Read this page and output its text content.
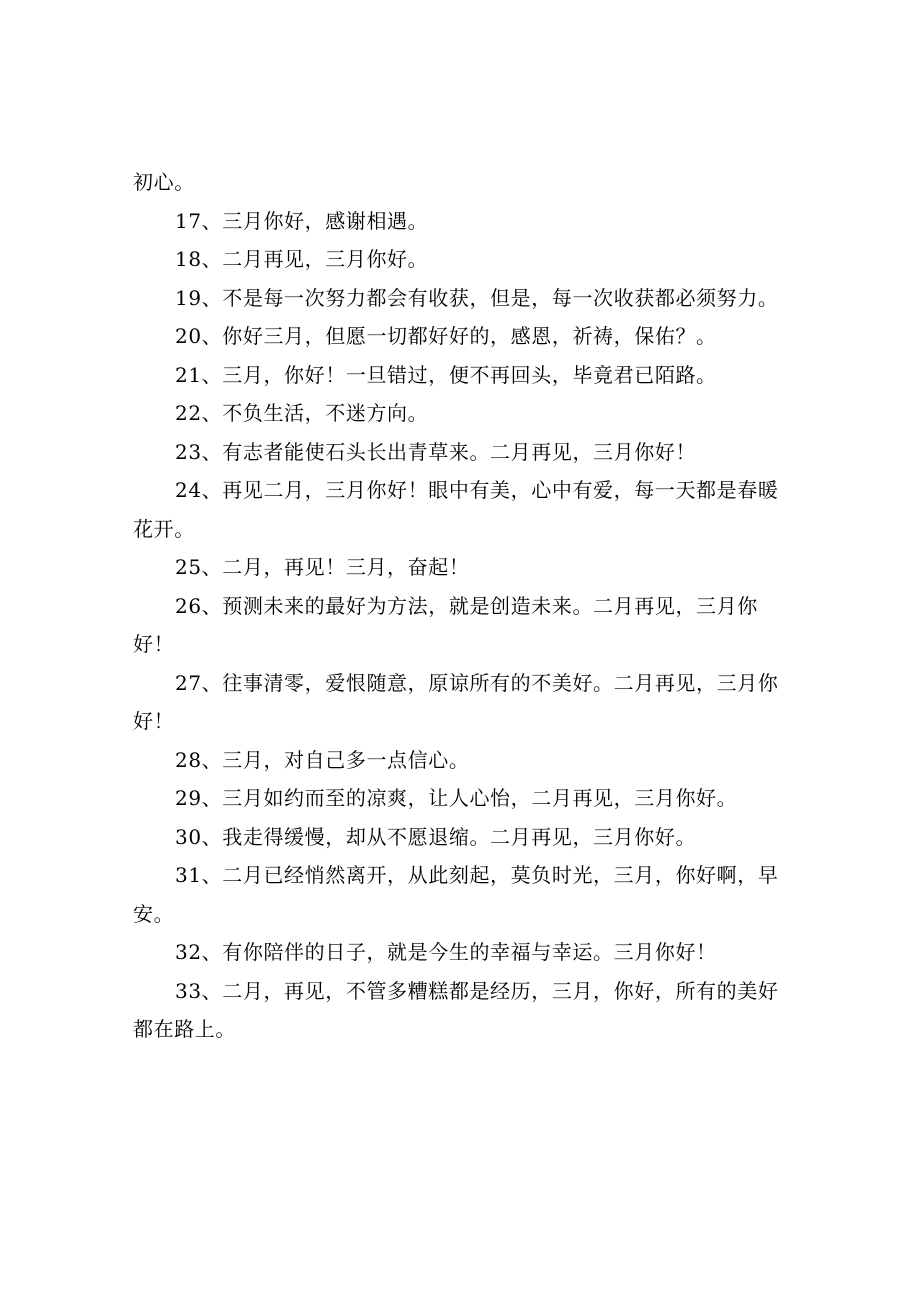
初心。

17、三月你好，感谢相遇。

18、二月再见，三月你好。

19、不是每一次努力都会有收获，但是，每一次收获都必须努力。

20、你好三月，但愿一切都好好的，感恩，祈祷，保佑？。

21、三月，你好！一旦错过，便不再回头，毕竟君已陌路。

22、不负生活，不迷方向。

23、有志者能使石头长出青草来。二月再见，三月你好！

24、再见二月，三月你好！眼中有美，心中有爱，每一天都是春暖花开。

25、二月，再见！三月，奋起！

26、预测未来的最好为方法，就是创造未来。二月再见，三月你好！

27、往事清零，爱恨随意，原谅所有的不美好。二月再见，三月你好！

28、三月，对自己多一点信心。

29、三月如约而至的凉爽，让人心怡，二月再见，三月你好。

30、我走得缓慢，却从不愿退缩。二月再见，三月你好。

31、二月已经悄然离开，从此刻起，莫负时光，三月，你好啊，早安。

32、有你陪伴的日子，就是今生的幸福与幸运。三月你好！

33、二月，再见，不管多糟糕都是经历，三月，你好，所有的美好都在路上。
